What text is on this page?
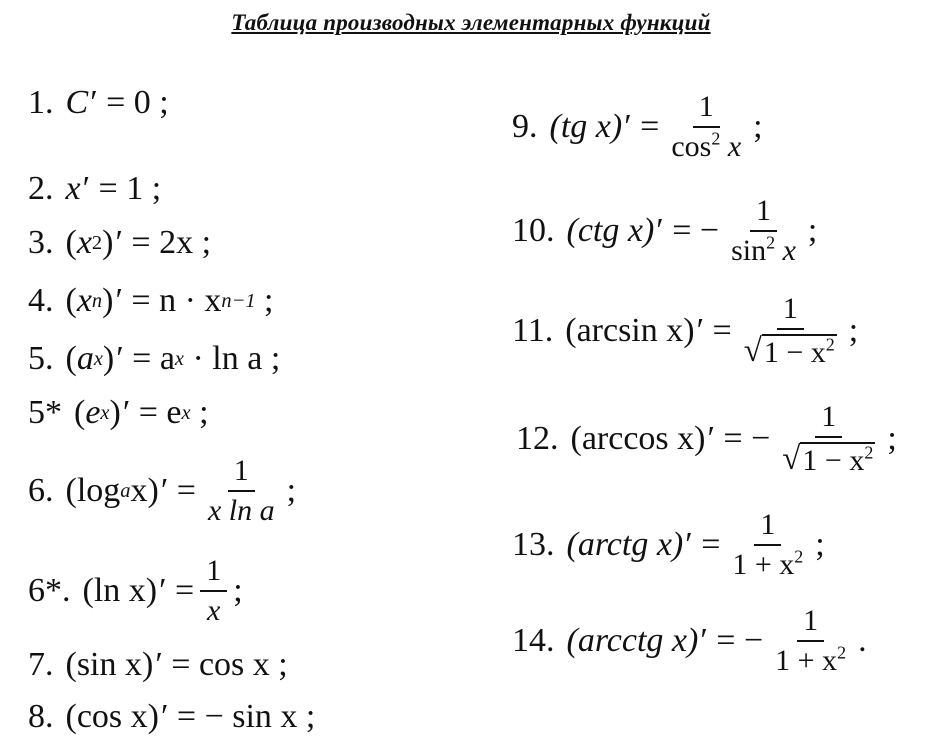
Таблица производных элементарных функций
1. C ′
= 0 ;
2. x ′
= 1 ;
3. ( x 2 ) ′
= 2x ;
4. ( x n ) ′
= n · x n−1
;
5. ( a x ) ′
= a x
· ln a ;
5* ( e x ) ′
= e x
;
6. (log a x) ′
= $\frac{1}{\text{x ln a}}$ ;
6*. (ln x) ′
= $\frac{1}{x}$ ;
7. (sin x) ′
= cos x ;
8. (cos x) ′
= − sin x ;
9. (tg x) ′
= $\frac{1}{\cos^2 x}$ ;
10. (ctg x) ′
= − $\frac{1}{\sin^2 x}$ ;
11. (arcsin x) ′
= $\frac{1}{√ 1 - x^2}$ ;
12. (arccos x) ′
= − $\frac{1}{√ 1 - x^2}$ ;
13. (arctg x) ′
= $\frac{1}{1 + x^2}$ ;
14. (arcctg x) ′
= − $\frac{1}{1 + x^2}$ .
